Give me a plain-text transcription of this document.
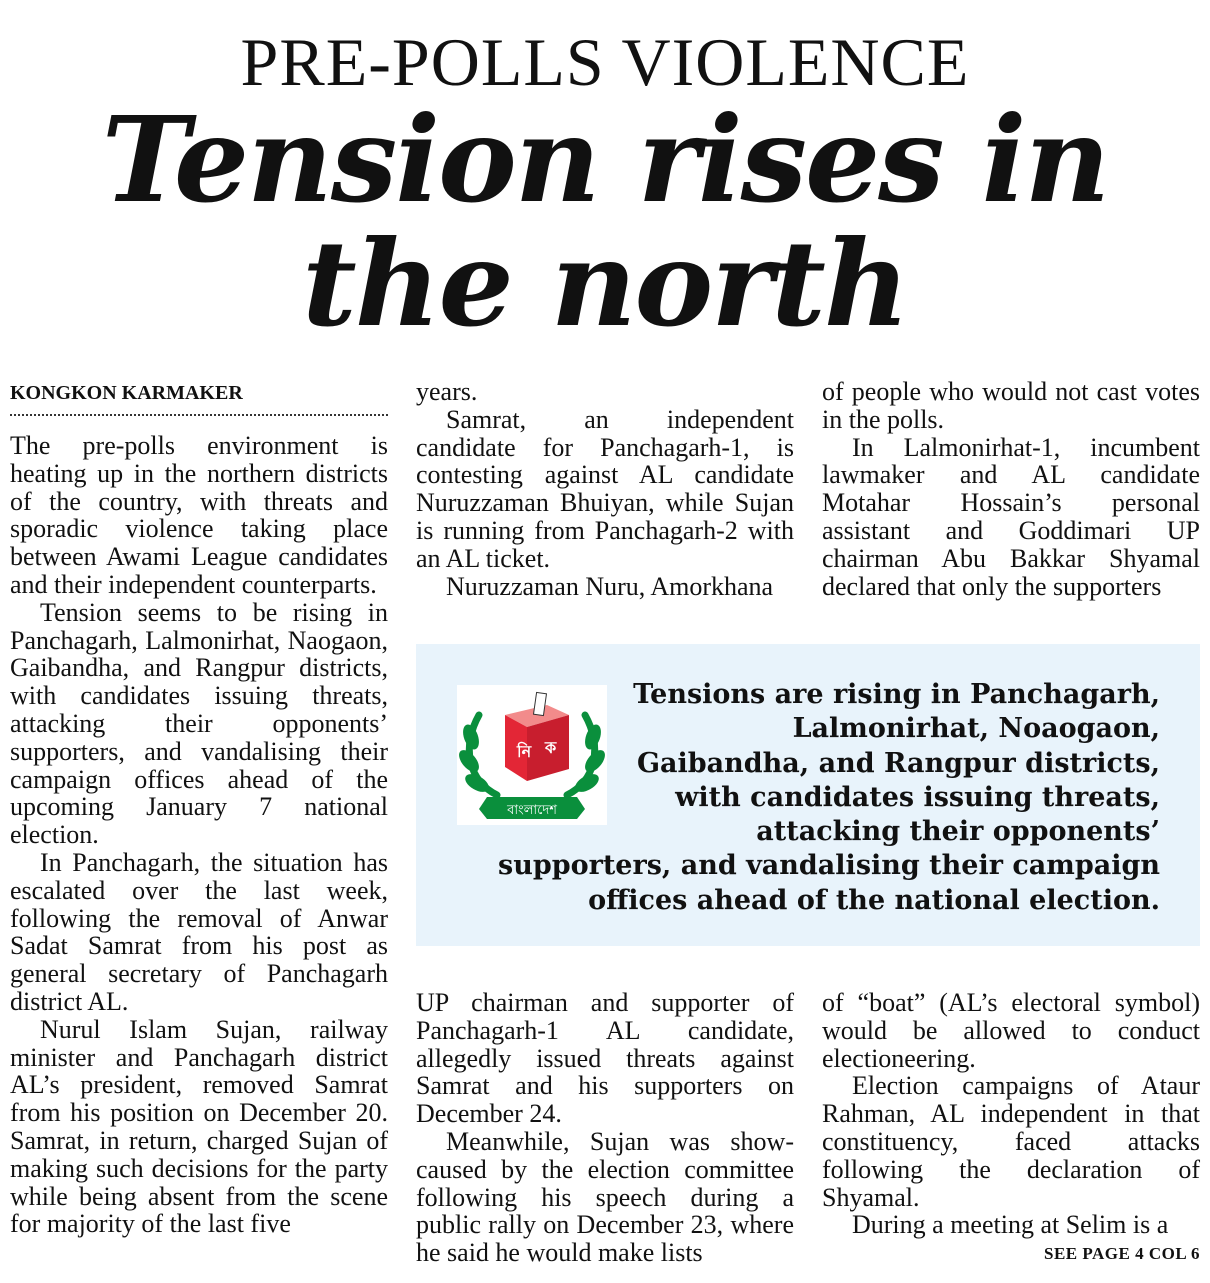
PRE-POLLS VIOLENCE
Tension rises in
the north
KONGKON KARMAKER

The pre-polls environment is heating up in the northern districts of the country, with threats and sporadic violence taking place between Awami League candidates and their independent counterparts.

Tension seems to be rising in Panchagarh, Lalmonirhat, Naogaon, Gaibandha, and Rangpur districts, with candidates issuing threats, attacking their opponents’ supporters, and vandalising their campaign offices ahead of the upcoming January 7 national election.

In Panchagarh, the situation has escalated over the last week, following the removal of Anwar Sadat Samrat from his post as general secretary of Panchagarh district AL.

Nurul Islam Sujan, railway minister and Panchagarh district AL’s president, removed Samrat from his position on December 20. Samrat, in return, charged Sujan of making such decisions for the party while being absent from the scene for majority of the last five

years.

Samrat, an independent candidate for Panchagarh-1, is contesting against AL candidate Nuruzzaman Bhuiyan, while Sujan is running from Panchagarh-2 with an AL ticket.

Nuruzzaman Nuru, Amorkhana

of people who would not cast votes in the polls.

In Lalmonirhat-1, incumbent lawmaker and AL candidate Motahar Hossain’s personal assistant and Goddimari UP chairman Abu Bakkar Shyamal declared that only the supporters

নি ক
বাংলাদেশ
Tensions are rising in Panchagarh,
Lalmonirhat, Noaogaon,
Gaibandha, and Rangpur districts,
with candidates issuing threats,
attacking their opponents’
supporters, and vandalising their campaign
offices ahead of the national election.

UP chairman and supporter of Panchagarh-1 AL candidate, allegedly issued threats against Samrat and his supporters on December 24.

Meanwhile, Sujan was show-caused by the election committee following his speech during a public rally on December 23, where he said he would make lists

of “boat” (AL’s electoral symbol) would be allowed to conduct electioneering.

Election campaigns of Ataur Rahman, AL independent in that constituency, faced attacks following the declaration of Shyamal.

During a meeting at Selim is a

SEE PAGE 4 COL 6
